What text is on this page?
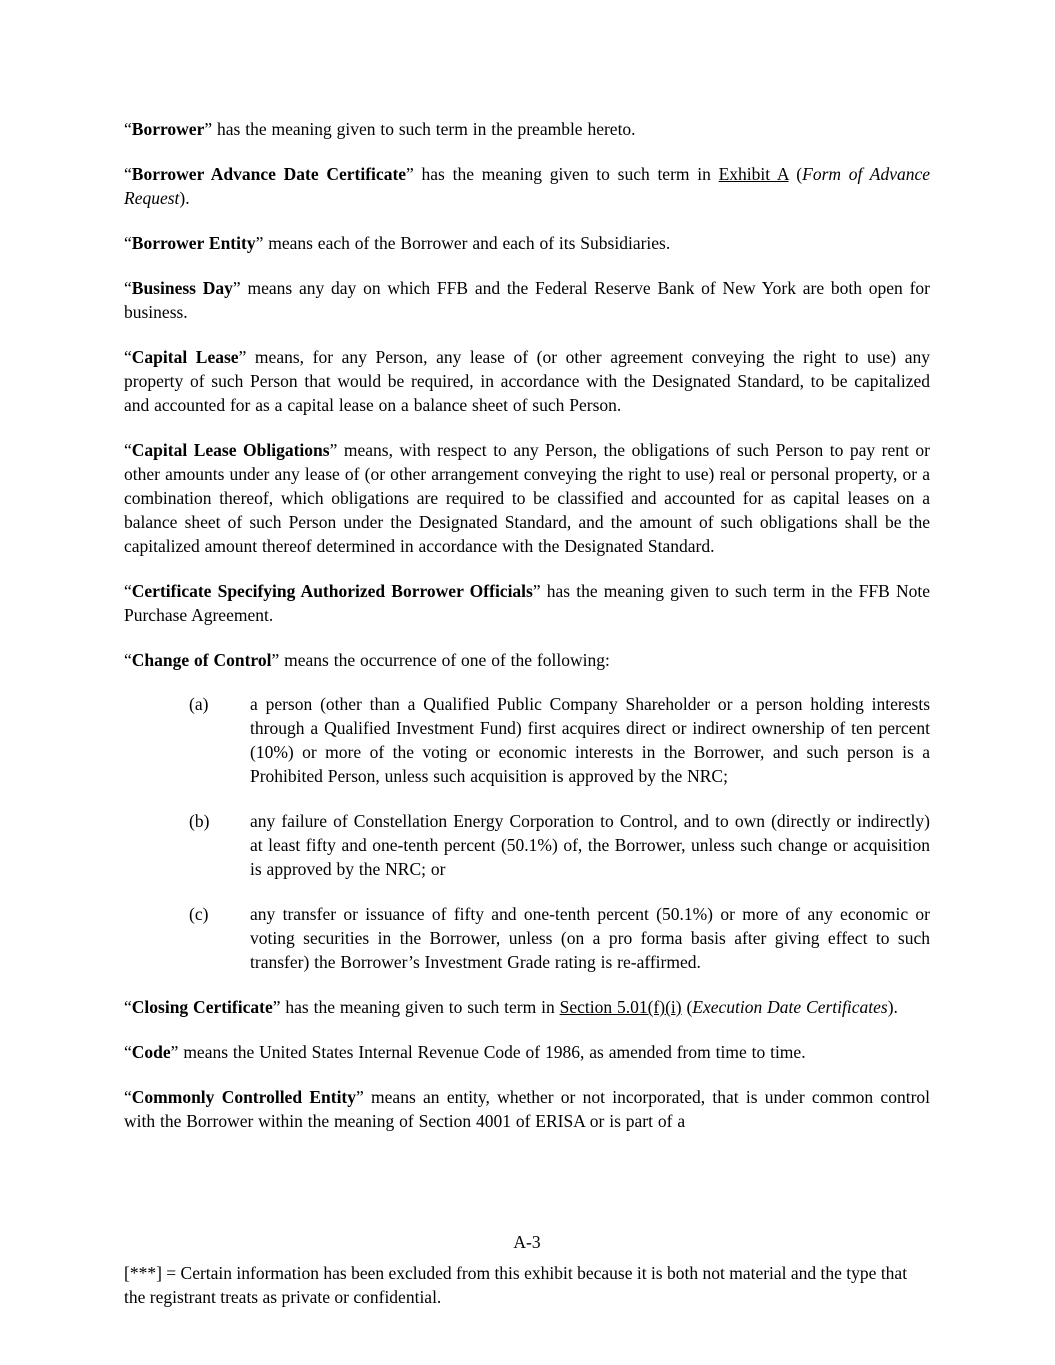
“Borrower” has the meaning given to such term in the preamble hereto.

“Borrower Advance Date Certificate” has the meaning given to such term in Exhibit A (Form of Advance Request).

“Borrower Entity” means each of the Borrower and each of its Subsidiaries.

“Business Day” means any day on which FFB and the Federal Reserve Bank of New York are both open for business.

“Capital Lease” means, for any Person, any lease of (or other agreement conveying the right to use) any property of such Person that would be required, in accordance with the Designated Standard, to be capitalized and accounted for as a capital lease on a balance sheet of such Person.

“Capital Lease Obligations” means, with respect to any Person, the obligations of such Person to pay rent or other amounts under any lease of (or other arrangement conveying the right to use) real or personal property, or a combination thereof, which obligations are required to be classified and accounted for as capital leases on a balance sheet of such Person under the Designated Standard, and the amount of such obligations shall be the capitalized amount thereof determined in accordance with the Designated Standard.

“Certificate Specifying Authorized Borrower Officials” has the meaning given to such term in the FFB Note Purchase Agreement.

“Change of Control” means the occurrence of one of the following:

(a) a person (other than a Qualified Public Company Shareholder or a person holding interests through a Qualified Investment Fund) first acquires direct or indirect ownership of ten percent (10%) or more of the voting or economic interests in the Borrower, and such person is a Prohibited Person, unless such acquisition is approved by the NRC;

(b) any failure of Constellation Energy Corporation to Control, and to own (directly or indirectly) at least fifty and one-tenth percent (50.1%) of, the Borrower, unless such change or acquisition is approved by the NRC; or

(c) any transfer or issuance of fifty and one-tenth percent (50.1%) or more of any economic or voting securities in the Borrower, unless (on a pro forma basis after giving effect to such transfer) the Borrower’s Investment Grade rating is re-affirmed.

“Closing Certificate” has the meaning given to such term in Section 5.01(f)(i) (Execution Date Certificates).

“Code” means the United States Internal Revenue Code of 1986, as amended from time to time.

“Commonly Controlled Entity” means an entity, whether or not incorporated, that is under common control with the Borrower within the meaning of Section 4001 of ERISA or is part of a

A-3
[***] = Certain information has been excluded from this exhibit because it is both not material and the type that the registrant treats as private or confidential.
